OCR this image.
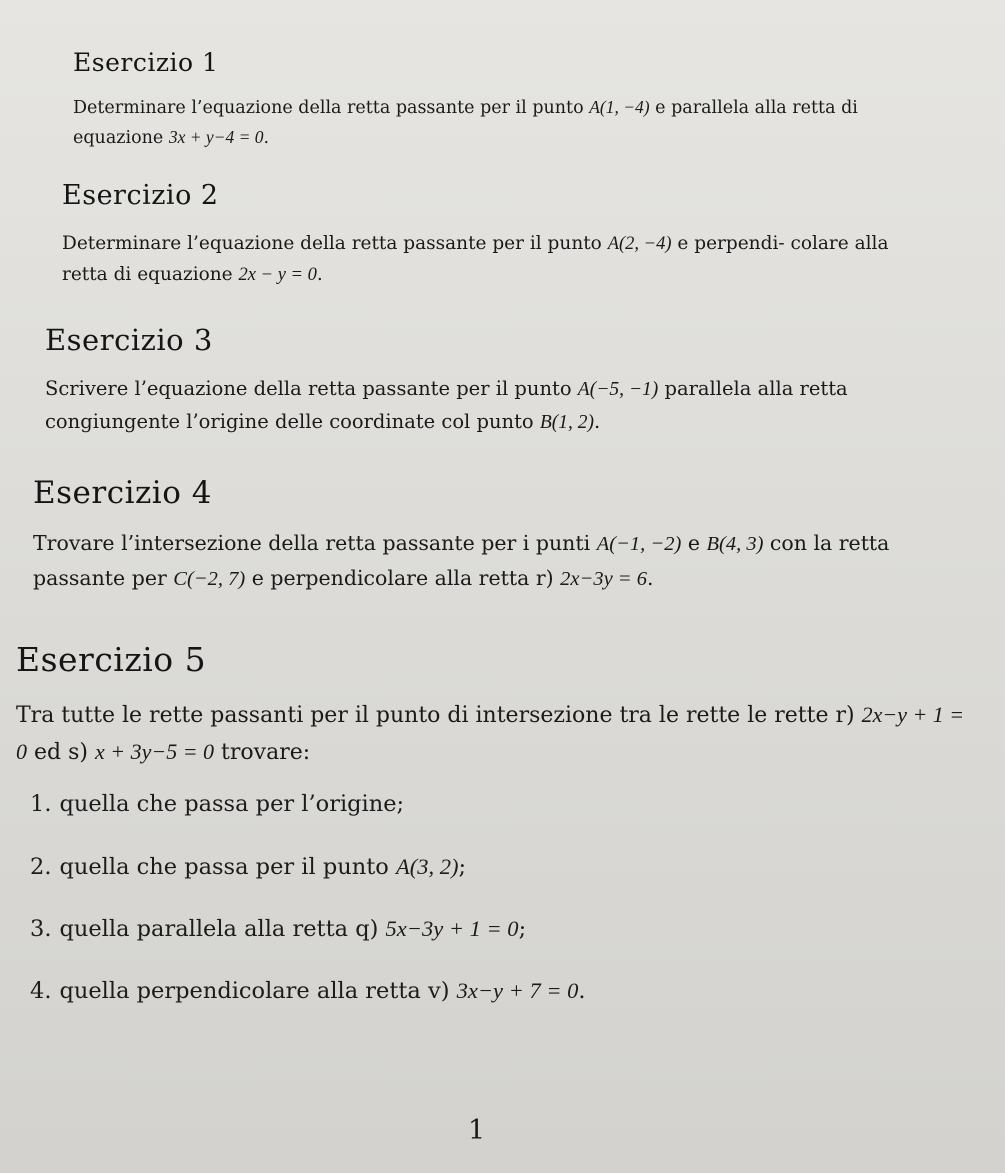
Esercizio 1

Determinare l’equazione della retta passante per il punto A(1, −4) e parallela alla retta di equazione 3x + y−4 = 0.

Esercizio 2

Determinare l’equazione della retta passante per il punto A(2, −4) e perpendi- colare alla retta di equazione 2x − y = 0.

Esercizio 3

Scrivere l’equazione della retta passante per il punto A(−5, −1) parallela alla retta congiungente l’origine delle coordinate col punto B(1, 2).

Esercizio 4

Trovare l’intersezione della retta passante per i punti A(−1, −2) e B(4, 3) con la retta passante per C(−2, 7) e perpendicolare alla retta r) 2x−3y = 6.

Esercizio 5

Tra tutte le rette passanti per il punto di intersezione tra le rette le rette r) 2x−y + 1 = 0 ed s) x + 3y−5 = 0 trovare:

1. quella che passa per l’origine;
2. quella che passa per il punto A(3, 2);
3. quella parallela alla retta q) 5x−3y + 1 = 0;
4. quella perpendicolare alla retta v) 3x−y + 7 = 0.
1
